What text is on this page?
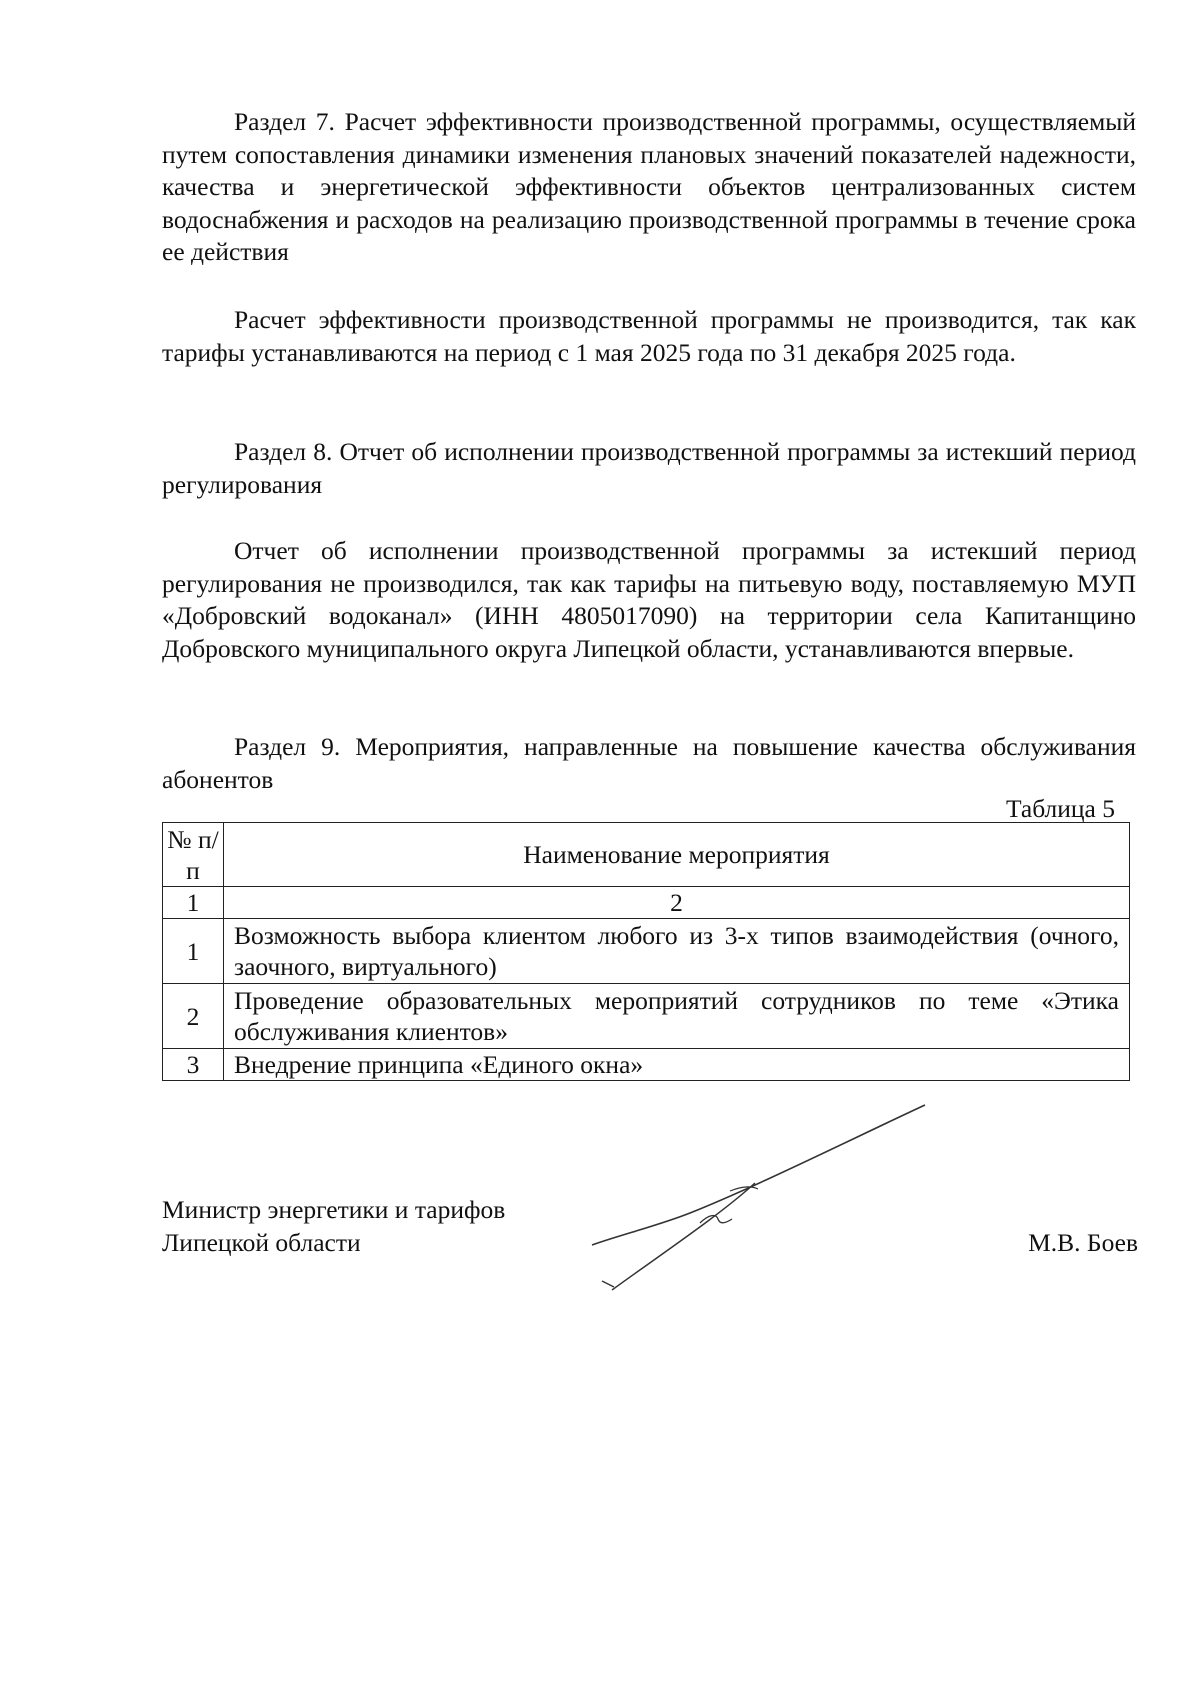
Раздел 7. Расчет эффективности производственной программы, осуществляемый путем сопоставления динамики изменения плановых значений показателей надежности, качества и энергетической эффективности объектов централизованных систем водоснабжения и расходов на реализацию производственной программы в течение срока ее действия

Расчет эффективности производственной программы не производится, так как тарифы устанавливаются на период с 1 мая 2025 года по 31 декабря 2025 года.

Раздел 8. Отчет об исполнении производственной программы за истекший период регулирования

Отчет об исполнении производственной программы за истекший период регулирования не производился, так как тарифы на питьевую воду, поставляемую МУП «Добровский водоканал» (ИНН 4805017090) на территории села Капитанщино Добровского муниципального округа Липецкой области, устанавливаются впервые.

Раздел 9. Мероприятия, направленные на повышение качества обслуживания абонентов

Таблица 5
№ п/п	Наименование мероприятия
1	2
1	Возможность выбора клиентом любого из 3-х типов взаимодействия (очного, заочного, виртуального)
2	Проведение образовательных мероприятий сотрудников по теме «Этика обслуживания клиентов»
3	Внедрение принципа «Единого окна»
Министр энергетики и тарифов
Липецкой области	М.В. Боев
